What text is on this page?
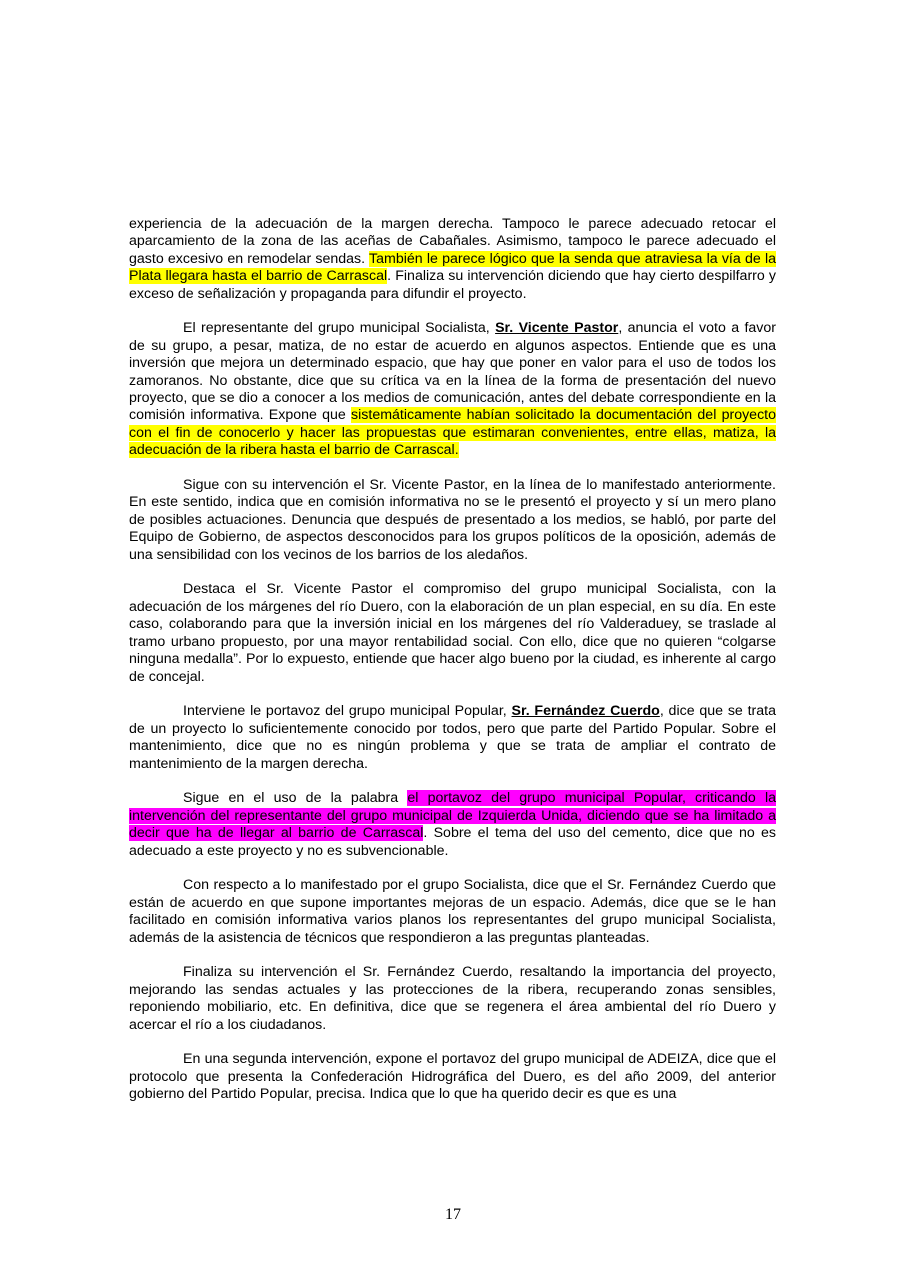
experiencia de la adecuación de la margen derecha. Tampoco le parece adecuado retocar el aparcamiento de la zona de las aceñas de Cabañales. Asimismo, tampoco le parece adecuado el gasto excesivo en remodelar sendas. También le parece lógico que la senda que atraviesa la vía de la Plata llegara hasta el barrio de Carrascal. Finaliza su intervención diciendo que hay cierto despilfarro y exceso de señalización y propaganda para difundir el proyecto.

El representante del grupo municipal Socialista, Sr. Vicente Pastor, anuncia el voto a favor de su grupo, a pesar, matiza, de no estar de acuerdo en algunos aspectos. Entiende que es una inversión que mejora un determinado espacio, que hay que poner en valor para el uso de todos los zamoranos. No obstante, dice que su crítica va en la línea de la forma de presentación del nuevo proyecto, que se dio a conocer a los medios de comunicación, antes del debate correspondiente en la comisión informativa. Expone que sistemáticamente habían solicitado la documentación del proyecto con el fin de conocerlo y hacer las propuestas que estimaran convenientes, entre ellas, matiza, la adecuación de la ribera hasta el barrio de Carrascal.

Sigue con su intervención el Sr. Vicente Pastor, en la línea de lo manifestado anteriormente. En este sentido, indica que en comisión informativa no se le presentó el proyecto y sí un mero plano de posibles actuaciones. Denuncia que después de presentado a los medios, se habló, por parte del Equipo de Gobierno, de aspectos desconocidos para los grupos políticos de la oposición, además de una sensibilidad con los vecinos de los barrios de los aledaños.

Destaca el Sr. Vicente Pastor el compromiso del grupo municipal Socialista, con la adecuación de los márgenes del río Duero, con la elaboración de un plan especial, en su día. En este caso, colaborando para que la inversión inicial en los márgenes del río Valderaduey, se traslade al tramo urbano propuesto, por una mayor rentabilidad social. Con ello, dice que no quieren “colgarse ninguna medalla”. Por lo expuesto, entiende que hacer algo bueno por la ciudad, es inherente al cargo de concejal.

Interviene le portavoz del grupo municipal Popular, Sr. Fernández Cuerdo, dice que se trata de un proyecto lo suficientemente conocido por todos, pero que parte del Partido Popular. Sobre el mantenimiento, dice que no es ningún problema y que se trata de ampliar el contrato de mantenimiento de la margen derecha.

Sigue en el uso de la palabra el portavoz del grupo municipal Popular, criticando la intervención del representante del grupo municipal de Izquierda Unida, diciendo que se ha limitado a decir que ha de llegar al barrio de Carrascal. Sobre el tema del uso del cemento, dice que no es adecuado a este proyecto y no es subvencionable.

Con respecto a lo manifestado por el grupo Socialista, dice que el Sr. Fernández Cuerdo que están de acuerdo en que supone importantes mejoras de un espacio. Además, dice que se le han facilitado en comisión informativa varios planos los representantes del grupo municipal Socialista, además de la asistencia de técnicos que respondieron a las preguntas planteadas.

Finaliza su intervención el Sr. Fernández Cuerdo, resaltando la importancia del proyecto, mejorando las sendas actuales y las protecciones de la ribera, recuperando zonas sensibles, reponiendo mobiliario, etc. En definitiva, dice que se regenera el área ambiental del río Duero y acercar el río a los ciudadanos.

En una segunda intervención, expone el portavoz del grupo municipal de ADEIZA, dice que el protocolo que presenta la Confederación Hidrográfica del Duero, es del año 2009, del anterior gobierno del Partido Popular, precisa. Indica que lo que ha querido decir es que es una

17
